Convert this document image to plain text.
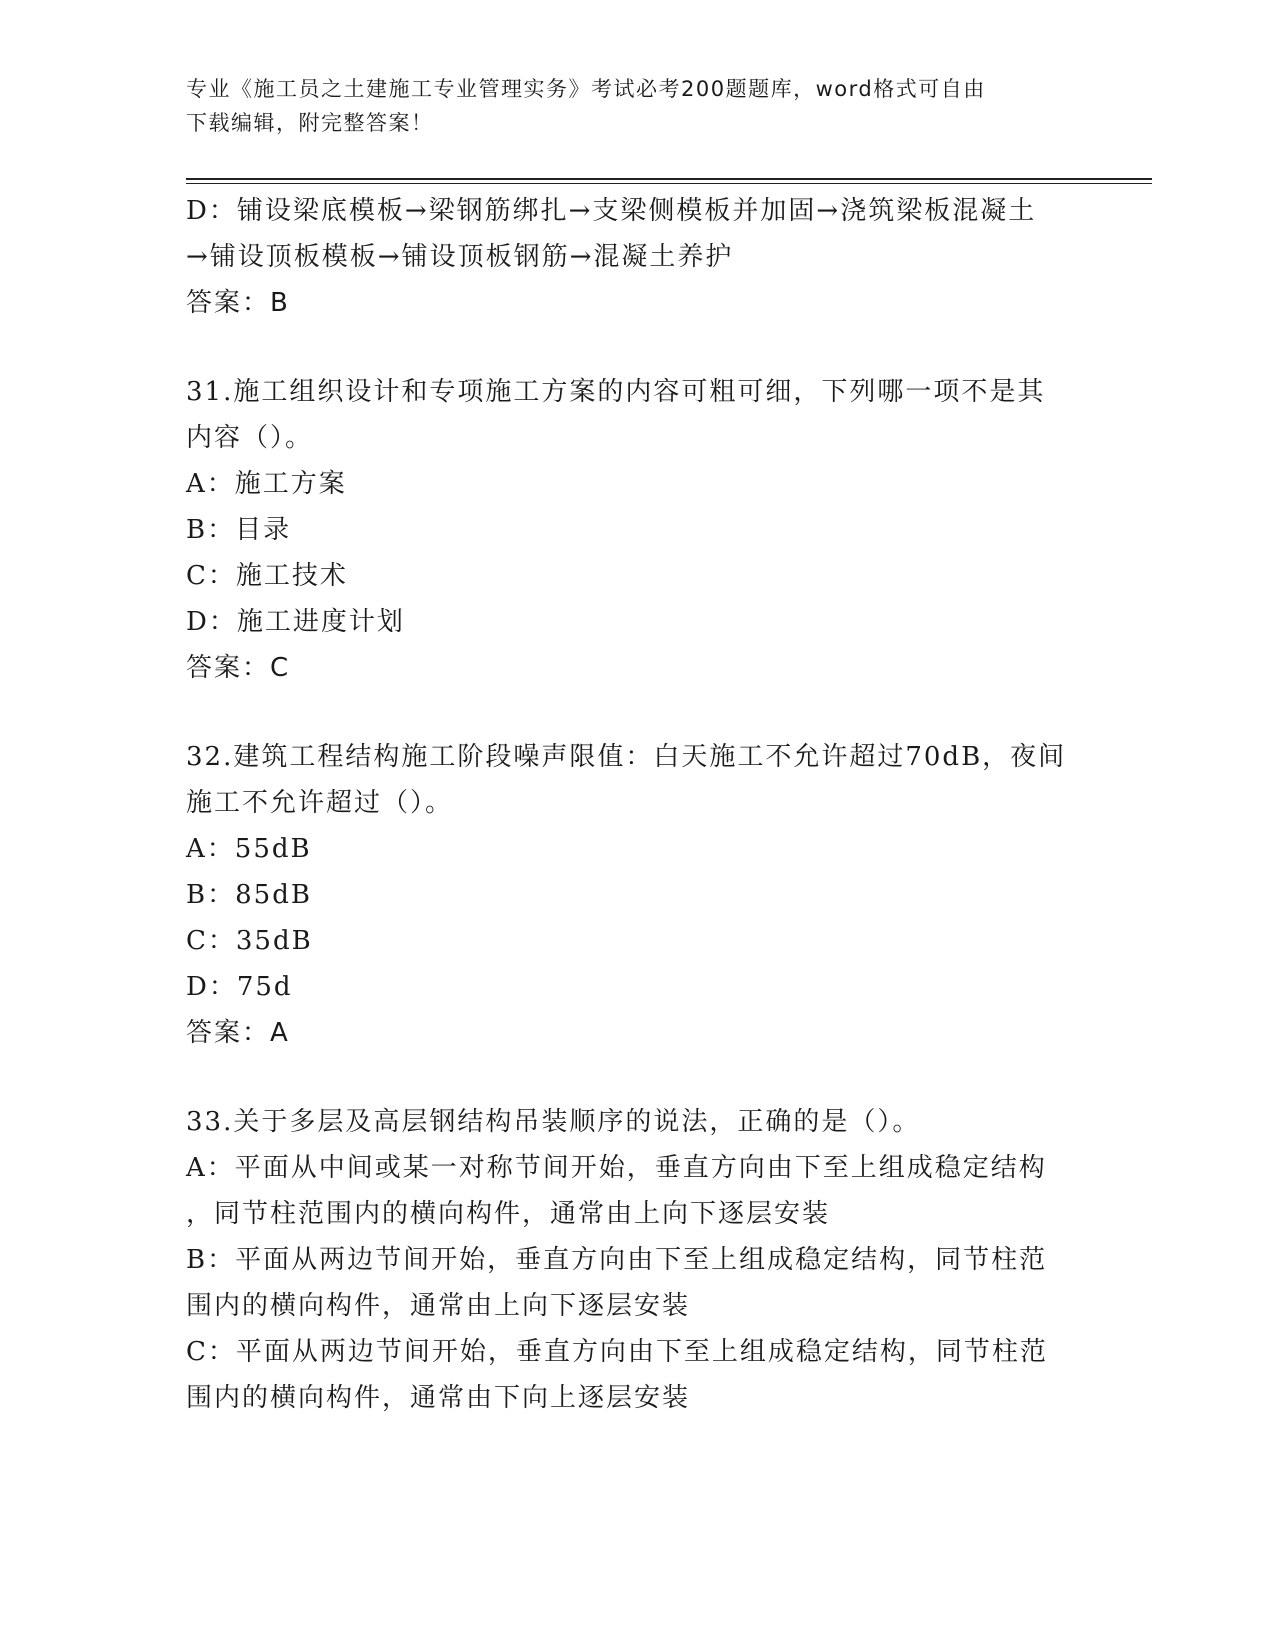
专业《施工员之土建施工专业管理实务》考试必考200题题库，word格式可自由
下载编辑，附完整答案！
D：铺设梁底模板→梁钢筋绑扎→支梁侧模板并加固→浇筑梁板混凝土
→铺设顶板模板→铺设顶板钢筋→混凝土养护
答案：B
31.施工组织设计和专项施工方案的内容可粗可细，下列哪一项不是其
内容（）。
A：施工方案
B：目录
C：施工技术
D：施工进度计划
答案：C
32.建筑工程结构施工阶段噪声限值：白天施工不允许超过70dB，夜间
施工不允许超过（）。
A：55dB
B：85dB
C：35dB
D：75d
答案：A
33.关于多层及高层钢结构吊装顺序的说法，正确的是（）。
A：平面从中间或某一对称节间开始，垂直方向由下至上组成稳定结构
，同节柱范围内的横向构件，通常由上向下逐层安装
B：平面从两边节间开始，垂直方向由下至上组成稳定结构，同节柱范
围内的横向构件，通常由上向下逐层安装
C：平面从两边节间开始，垂直方向由下至上组成稳定结构，同节柱范
围内的横向构件，通常由下向上逐层安装
